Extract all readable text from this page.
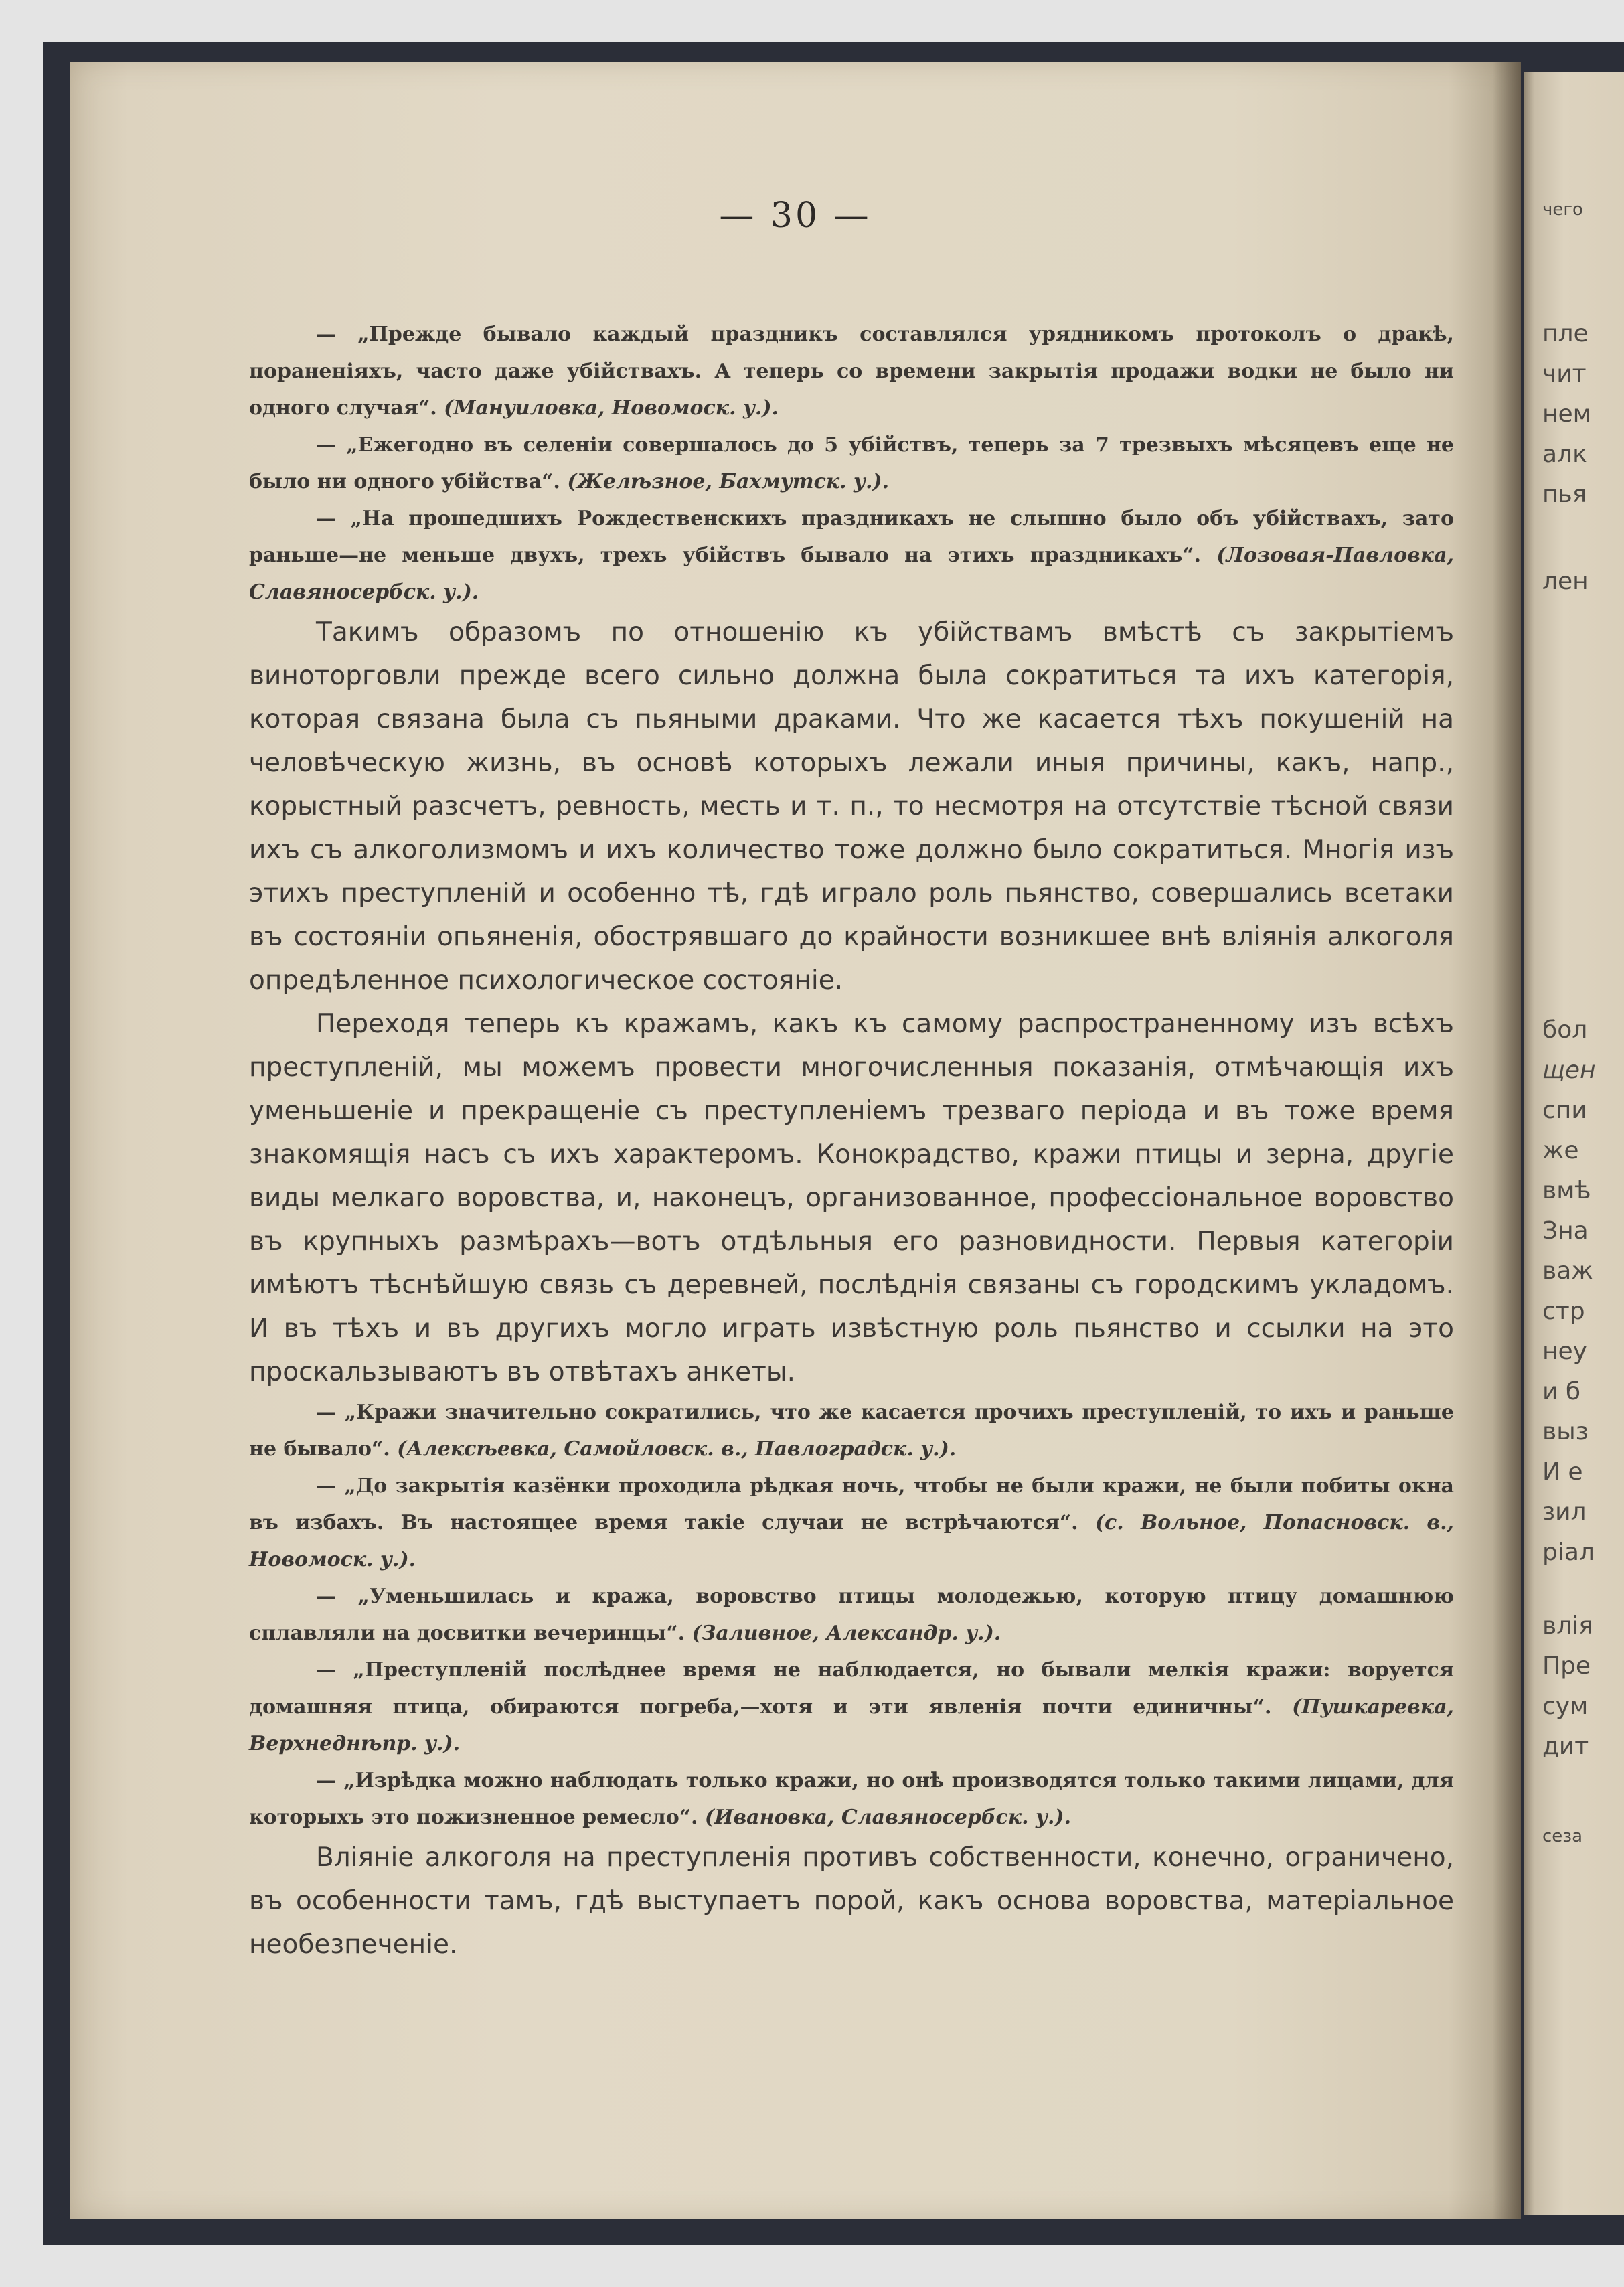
— 30 —

— „Прежде бывало каждый праздникъ составлялся урядникомъ протоколъ о дракѣ, пораненіяхъ, часто даже убійствахъ. А теперь со времени закрытія продажи водки не было ни одного случая“. (Мануиловка, Новомоск. у.).

— „Ежегодно въ селеніи совершалось до 5 убійствъ, теперь за 7 трезвыхъ мѣсяцевъ еще не было ни одного убійства“. (Желѣзное, Бахмутск. у.).

— „На прошедшихъ Рождественскихъ праздникахъ не слышно было объ убійствахъ, зато раньше—не меньше двухъ, трехъ убійствъ бывало на этихъ праздникахъ“. (Лозовая-Павловка, Славяносербск. у.).

Такимъ образомъ по отношенію къ убійствамъ вмѣстѣ съ закрытіемъ виноторговли прежде всего сильно должна была сократиться та ихъ категорія, которая связана была съ пьяными драками. Что же касается тѣхъ покушеній на человѣческую жизнь, въ основѣ которыхъ лежали иныя причины, какъ, напр., корыстный разсчетъ, ревность, месть и т. п., то несмотря на отсутствіе тѣсной связи ихъ съ алкоголизмомъ и ихъ количество тоже должно было сократиться. Многія изъ этихъ преступленій и особенно тѣ, гдѣ играло роль пьянство, совершались всетаки въ состояніи опьяненія, обострявшаго до крайности возникшее внѣ вліянія алкоголя опредѣленное психологическое состояніе.

Переходя теперь къ кражамъ, какъ къ самому распространенному изъ всѣхъ преступленій, мы можемъ провести многочисленныя показанія, отмѣчающія ихъ уменьшеніе и прекращеніе съ преступленіемъ трезваго періода и въ тоже время знакомящія насъ съ ихъ характеромъ. Конокрадство, кражи птицы и зерна, другіе виды мелкаго воровства, и, наконецъ, организованное, профессіональное воровство въ крупныхъ размѣрахъ—вотъ отдѣльныя его разновидности. Первыя категоріи имѣютъ тѣснѣйшую связь съ деревней, послѣднія связаны съ городскимъ укладомъ. И въ тѣхъ и въ другихъ могло играть извѣстную роль пьянство и ссылки на это проскальзываютъ въ отвѣтахъ анкеты.

— „Кражи значительно сократились, что же касается прочихъ преступленій, то ихъ и раньше не бывало“. (Алексѣевка, Самойловск. в., Павлоградск. у.).

— „До закрытія казёнки проходила рѣдкая ночь, чтобы не были кражи, не были побиты окна въ избахъ. Въ настоящее время такіе случаи не встрѣчаются“. (с. Вольное, Попасновск. в., Новомоск. у.).

— „Уменьшилась и кража, воровство птицы молодежью, которую птицу домашнюю сплавляли на досвитки вечеринцы“. (Заливное, Александр. у.).

— „Преступленій послѣднее время не наблюдается, но бывали мелкія кражи: воруется домашняя птица, обираются погреба,—хотя и эти явленія почти единичны“. (Пушкаревка, Верхнеднѣпр. у.).

— „Изрѣдка можно наблюдать только кражи, но онѣ производятся только такими лицами, для которыхъ это пожизненное ремесло“. (Ивановка, Славяносербск. у.).

Вліяніе алкоголя на преступленія противъ собственности, конечно, ограничено, въ особенности тамъ, гдѣ выступаетъ порой, какъ основа воровства, матеріальное необезпеченіе.

чего
пле
чит
нем
алк
пья
лен
бол
щен
спи
же
вмѣ
Зна
важ
стр
неу
и б
выз
И е
зил
ріал
влія
Пре
сум
дит
сеза
